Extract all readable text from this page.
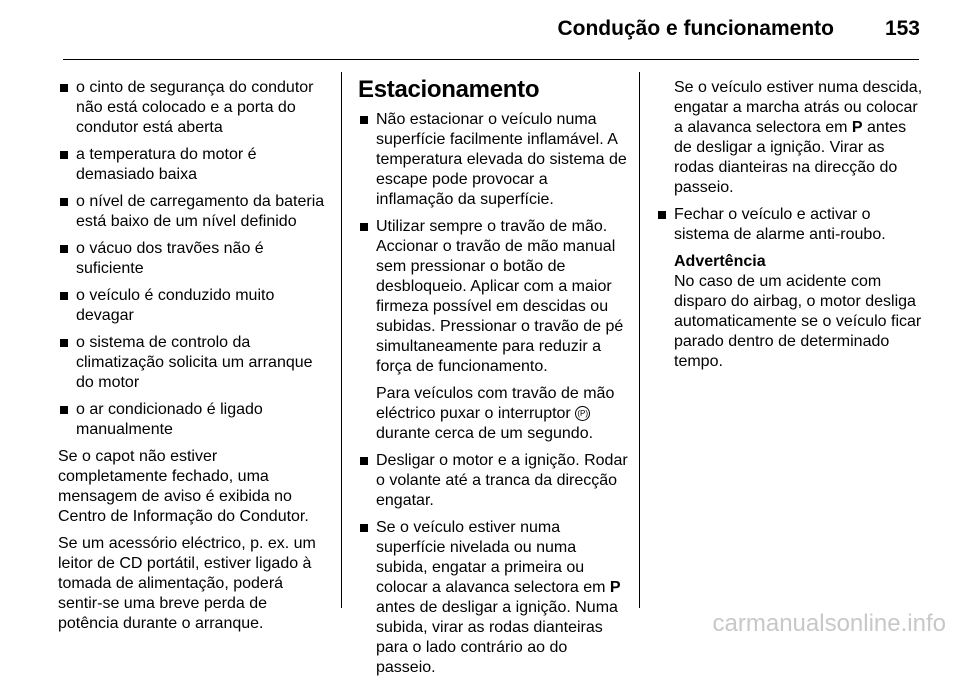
Condução e funcionamento 153
o cinto de segurança do condutor não está colocado e a porta do condutor está aberta
a temperatura do motor é demasiado baixa
o nível de carregamento da bateria está baixo de um nível definido
o vácuo dos travões não é suficiente
o veículo é conduzido muito devagar
o sistema de controlo da climatização solicita um arranque do motor
o ar condicionado é ligado manualmente

Se o capot não estiver completamente fechado, uma mensagem de aviso é exibida no Centro de Informação do Condutor.

Se um acessório eléctrico, p. ex. um leitor de CD portátil, estiver ligado à tomada de alimentação, poderá sentir-se uma breve perda de potência durante o arranque.

Estacionamento
Não estacionar o veículo numa superfície facilmente inflamável. A temperatura elevada do sistema de escape pode provocar a inflamação da superfície.
Utilizar sempre o travão de mão. Accionar o travão de mão manual sem pressionar o botão de desbloqueio. Aplicar com a maior firmeza possível em descidas ou subidas. Pressionar o travão de pé simultaneamente para reduzir a força de funcionamento.

Para veículos com travão de mão eléctrico puxar o interruptor (P) durante cerca de um segundo.

Desligar o motor e a ignição. Rodar o volante até a tranca da direcção engatar.
Se o veículo estiver numa superfície nivelada ou numa subida, engatar a primeira ou colocar a alavanca selectora em P antes de desligar a ignição. Numa subida, virar as rodas dianteiras para o lado contrário ao do passeio.

Se o veículo estiver numa descida, engatar a marcha atrás ou colocar a alavanca selectora em P antes de desligar a ignição. Virar as rodas dianteiras na direcção do passeio.

Fechar o veículo e activar o sistema de alarme anti-roubo.

Advertência

No caso de um acidente com disparo do airbag, o motor desliga automaticamente se o veículo ficar parado dentro de determinado tempo.

carmanualsonline.info
